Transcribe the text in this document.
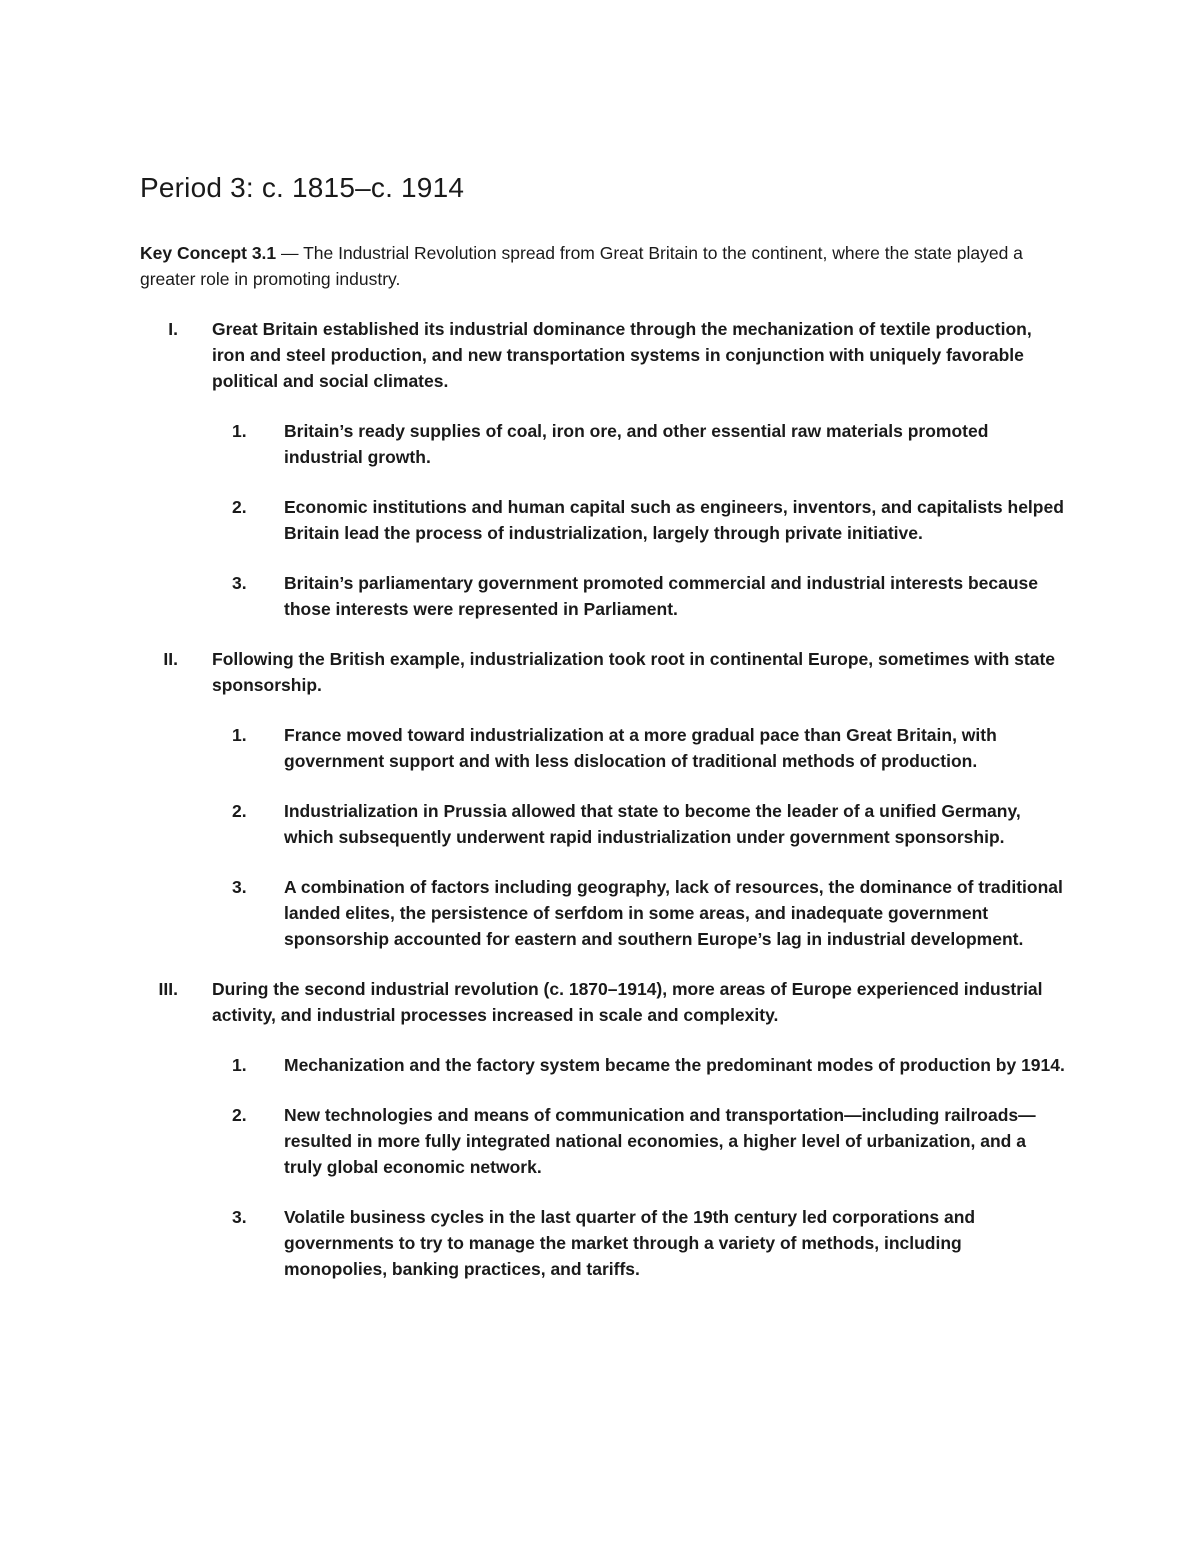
Period 3: c. 1815–c. 1914

Key Concept 3.1 — The Industrial Revolution spread from Great Britain to the continent, where the state played a greater role in promoting industry.

I. Great Britain established its industrial dominance through the mechanization of textile production, iron and steel production, and new transportation systems in conjunction with uniquely favorable political and social climates.
1. Britain’s ready supplies of coal, iron ore, and other essential raw materials promoted industrial growth.
2. Economic institutions and human capital such as engineers, inventors, and capitalists helped Britain lead the process of industrialization, largely through private initiative.
3. Britain’s parliamentary government promoted commercial and industrial interests because those interests were represented in Parliament.
II. Following the British example, industrialization took root in continental Europe, sometimes with state sponsorship.
1. France moved toward industrialization at a more gradual pace than Great Britain, with government support and with less dislocation of traditional methods of production.
2. Industrialization in Prussia allowed that state to become the leader of a unified Germany, which subsequently underwent rapid industrialization under government sponsorship.
3. A combination of factors including geography, lack of resources, the dominance of traditional landed elites, the persistence of serfdom in some areas, and inadequate government sponsorship accounted for eastern and southern Europe’s lag in industrial development.
III. During the second industrial revolution (c. 1870–1914), more areas of Europe experienced industrial activity, and industrial processes increased in scale and complexity.
1. Mechanization and the factory system became the predominant modes of production by 1914.
2. New technologies and means of communication and transportation—including railroads—resulted in more fully integrated national economies, a higher level of urbanization, and a truly global economic network.
3. Volatile business cycles in the last quarter of the 19th century led corporations and governments to try to manage the market through a variety of methods, including monopolies, banking practices, and tariffs.
